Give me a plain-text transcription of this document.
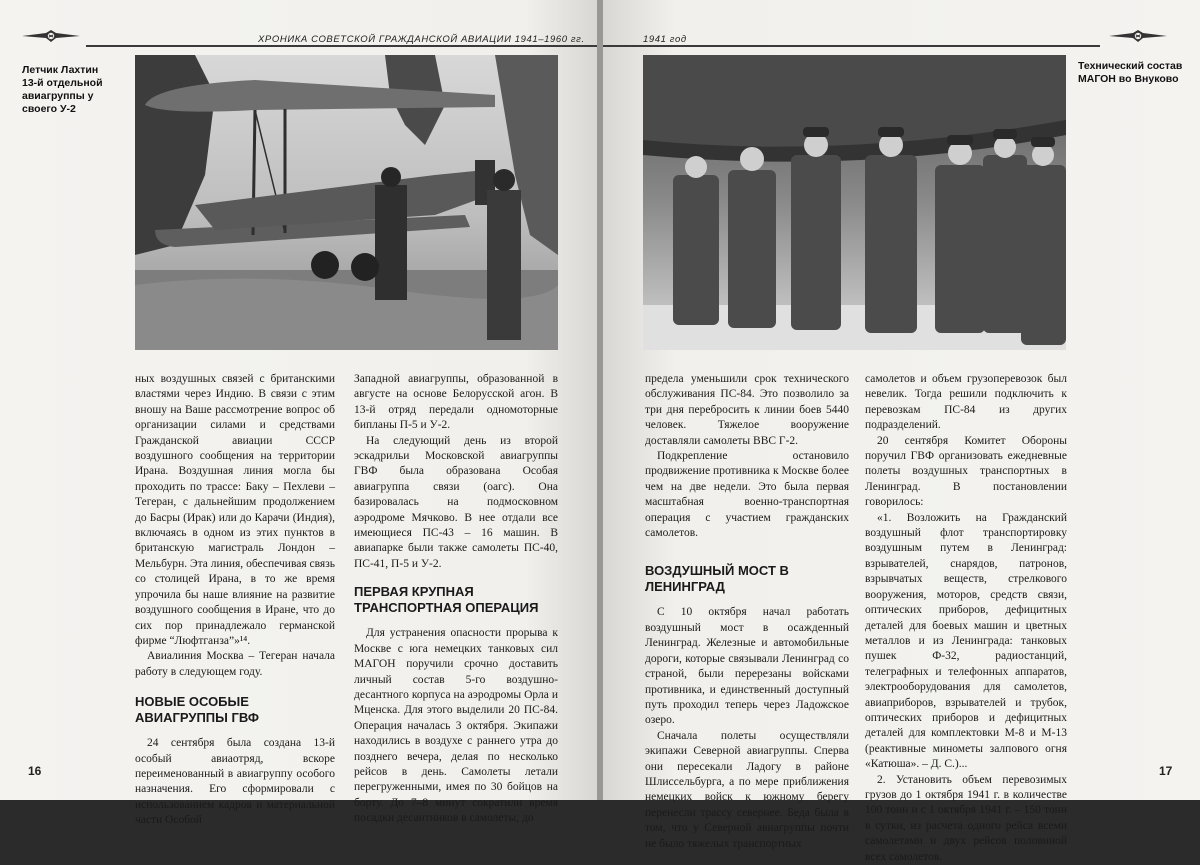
ХРОНИКА СОВЕТСКОЙ ГРАЖДАНСКОЙ АВИАЦИИ 1941–1960 гг.
Летчик Лахтин 13-й отдельной авиагруппы у своего У-2

ных воздушных связей с британскими властями через Индию. В связи с этим вношу на Ваше рассмотрение вопрос об организации силами и средствами Гражданской авиации СССР воздушного сообщения на территории Ирана. Воздушная линия могла бы проходить по трассе: Баку – Пехлеви – Тегеран, с дальнейшим продолжением до Басры (Ирак) или до Карачи (Индия), включаясь в одном из этих пунктов в британскую магистраль Лондон – Мельбурн. Эта линия, обеспечивая связь со столицей Ирана, в то же время упрочила бы наше влияние на развитие воздушного сообщения в Иране, что до сих пор принадлежало германской фирме “Люфтганза”»¹⁴.

Авиалиния Москва – Тегеран начала работу в следующем году.

НОВЫЕ ОСОБЫЕ АВИАГРУППЫ ГВФ

24 сентября была создана 13-й особый авиаотряд, вскоре переименованный в авиагруппу особого назначения. Его сформировали с использованием кадров и материальной части Особой

Западной авиагруппы, образованной в августе на основе Белорусской агон. В 13-й отряд передали одномоторные бипланы П-5 и У-2.

На следующий день из второй эскадрильи Московской авиагруппы ГВФ была образована Особая авиагруппа связи (оагс). Она базировалась на подмосковном аэродроме Мячково. В нее отдали все имеющиеся ПС-43 – 16 машин. В авиапарке были также самолеты ПС-40, ПС-41, П-5 и У-2.

ПЕРВАЯ КРУПНАЯ ТРАНСПОРТНАЯ ОПЕРАЦИЯ

Для устранения опасности прорыва к Москве с юга немецких танковых сил МАГОН поручили срочно доставить личный состав 5-го воздушно-десантного корпуса на аэродромы Орла и Мценска. Для этого выделили 20 ПС-84. Операция началась 3 октября. Экипажи находились в воздухе с раннего утра до позднего вечера, делая по несколько рейсов в день. Самолеты летали перегруженными, имея по 30 бойцов на борту. До 7–8 минут сократили время посадки десантников в самолеты, до

16
1941 год
Технический состав МАГОН во Внуково

предела уменьшили срок технического обслуживания ПС-84. Это позволило за три дня перебросить к линии боев 5440 человек. Тяжелое вооружение доставляли самолеты ВВС Г-2.

Подкрепление остановило продвижение противника к Москве более чем на две недели. Это была первая масштабная военно-транспортная операция с участием гражданских самолетов.

ВОЗДУШНЫЙ МОСТ В ЛЕНИНГРАД

С 10 октября начал работать воздушный мост в осажденный Ленинград. Железные и автомобильные дороги, которые связывали Ленинград со страной, были перерезаны войсками противника, и единственный доступный путь проходил теперь через Ладожское озеро.

Сначала полеты осуществляли экипажи Северной авиагруппы. Сперва они пересекали Ладогу в районе Шлиссельбурга, а по мере приближения немецких войск к южному берегу перенесли трассу севернее. Беда была в том, что у Северной авиагруппы почти не было тяжелых транспортных

самолетов и объем грузоперевозок был невелик. Тогда решили подключить к перевозкам ПС-84 из других подразделений.

20 сентября Комитет Обороны поручил ГВФ организовать ежедневные полеты воздушных транспортных в Ленинград. В постановлении говорилось:

«1. Возложить на Гражданский воздушный флот транспортировку воздушным путем в Ленинград: взрывателей, снарядов, патронов, взрывчатых веществ, стрелкового вооружения, моторов, средств связи, оптических приборов, дефицитных деталей для боевых машин и цветных металлов и из Ленинграда: танковых пушек Ф-32, радиостанций, телеграфных и телефонных аппаратов, электрооборудования для самолетов, авиаприборов, взрывателей и трубок, оптических приборов и дефицитных деталей для комплектовки М-8 и М-13 (реактивные минометы залпового огня «Катюша». – Д. С.)...

2. Установить объем перевозимых грузов до 1 октября 1941 г. в количестве 100 тонн и с 1 октября 1941 г. – 150 тонн в сутки, из расчета одного рейса всеми самолетами и двух рейсов половиной всех самолетов.

17
